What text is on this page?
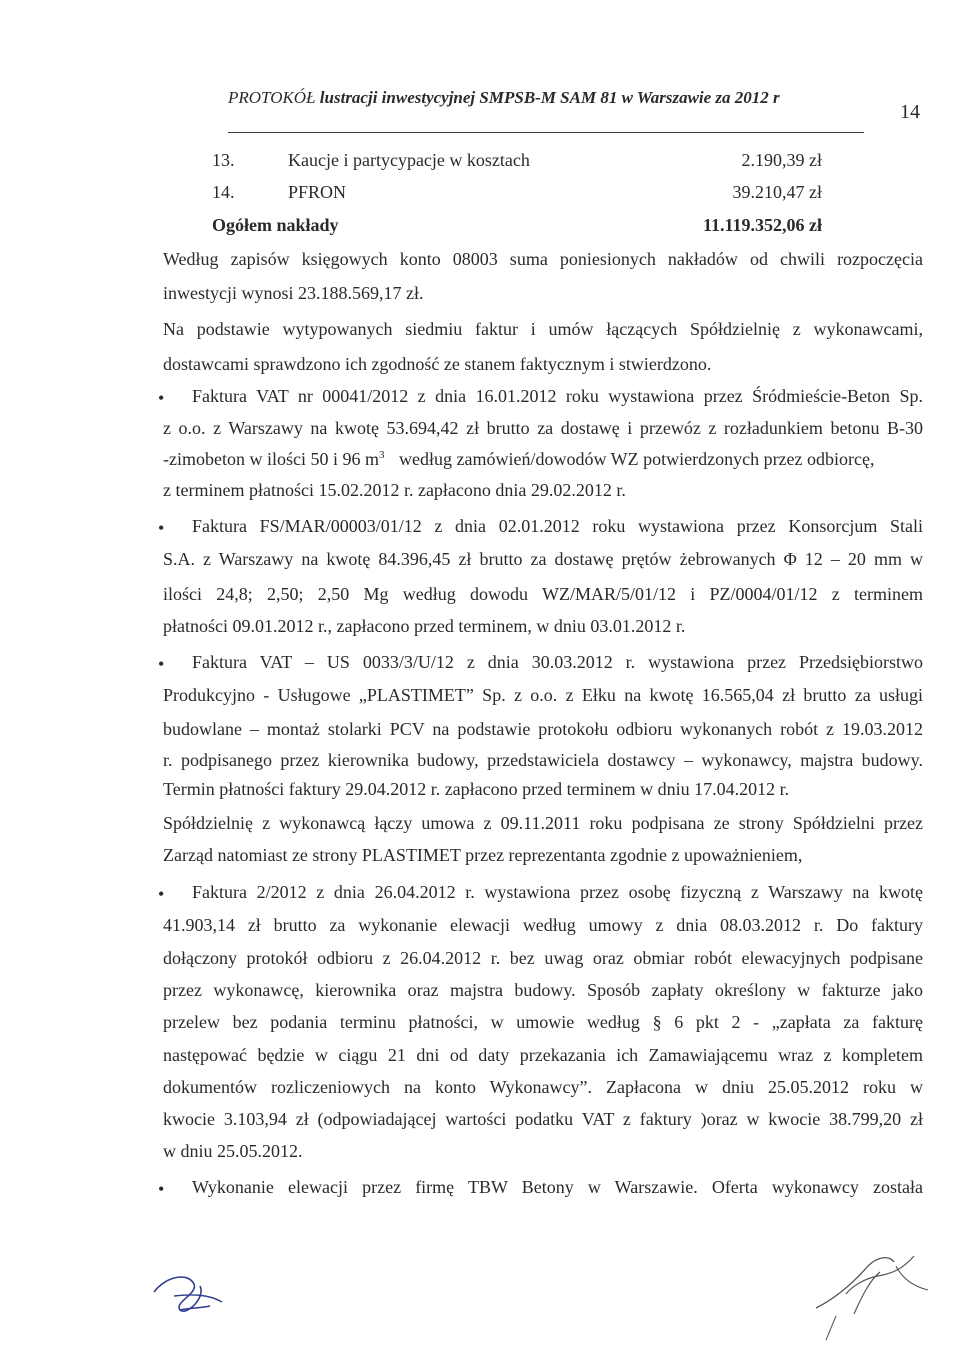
PROTOKÓŁ lustracji inwestycyjnej SMPSB-M SAM 81 w Warszawie za 2012 r
14
13.	Kaucje i partycypacje w kosztach	2.190,39 zł
14.	PFRON	39.210,47 zł
Ogółem nakłady	11.119.352,06 zł
Według zapisów księgowych konto 08003 suma poniesionych nakładów od chwili rozpoczęcia
inwestycji wynosi 23.188.569,17 zł.
Na podstawie wytypowanych siedmiu faktur i umów łączących Spółdzielnię z wykonawcami,
dostawcami sprawdzono ich zgodność ze stanem faktycznym i stwierdzono.
•
Faktura VAT nr 00041/2012 z dnia 16.01.2012 roku wystawiona przez Śródmieście-Beton Sp.
z o.o. z Warszawy na kwotę 53.694,42 zł brutto za dostawę i przewóz z rozładunkiem betonu B-30
-zimobeton w ilości 50 i 96 $m^3$ według zamówień/dowodów WZ potwierdzonych przez odbiorcę,
z terminem płatności 15.02.2012 r. zapłacono dnia 29.02.2012 r.
•
Faktura FS/MAR/00003/01/12 z dnia 02.01.2012 roku wystawiona przez Konsorcjum Stali
S.A. z Warszawy na kwotę 84.396,45 zł brutto za dostawę prętów żebrowanych Φ 12 – 20 mm w
ilości 24,8; 2,50; 2,50 Mg według dowodu WZ/MAR/5/01/12 i PZ/0004/01/12 z terminem
płatności 09.01.2012 r., zapłacono przed terminem, w dniu 03.01.2012 r.
•
Faktura VAT – US 0033/3/U/12 z dnia 30.03.2012 r. wystawiona przez Przedsiębiorstwo
Produkcyjno - Usługowe „PLASTIMET” Sp. z o.o. z Ełku na kwotę 16.565,04 zł brutto za usługi
budowlane – montaż stolarki PCV na podstawie protokołu odbioru wykonanych robót z 19.03.2012
r. podpisanego przez kierownika budowy, przedstawiciela dostawcy – wykonawcy, majstra budowy.
Termin płatności faktury 29.04.2012 r. zapłacono przed terminem w dniu 17.04.2012 r.
Spółdzielnię z wykonawcą łączy umowa z 09.11.2011 roku podpisana ze strony Spółdzielni przez
Zarząd natomiast ze strony PLASTIMET przez reprezentanta zgodnie z upoważnieniem,
•
Faktura 2/2012 z dnia 26.04.2012 r. wystawiona przez osobę fizyczną z Warszawy na kwotę
41.903,14 zł brutto za wykonanie elewacji według umowy z dnia 08.03.2012 r. Do faktury
dołączony protokół odbioru z 26.04.2012 r. bez uwag oraz obmiar robót elewacyjnych podpisane
przez wykonawcę, kierownika oraz majstra budowy. Sposób zapłaty określony w fakturze jako
przelew bez podania terminu płatności, w umowie według § 6 pkt 2 - „zapłata za fakturę
następować będzie w ciągu 21 dni od daty przekazania ich Zamawiającemu wraz z kompletem
dokumentów rozliczeniowych na konto Wykonawcy”. Zapłacona w dniu 25.05.2012 roku w
kwocie 3.103,94 zł (odpowiadającej wartości podatku VAT z faktury )oraz w kwocie 38.799,20 zł
w dniu 25.05.2012.
•
Wykonanie elewacji przez firmę TBW Betony w Warszawie. Oferta wykonawcy została
